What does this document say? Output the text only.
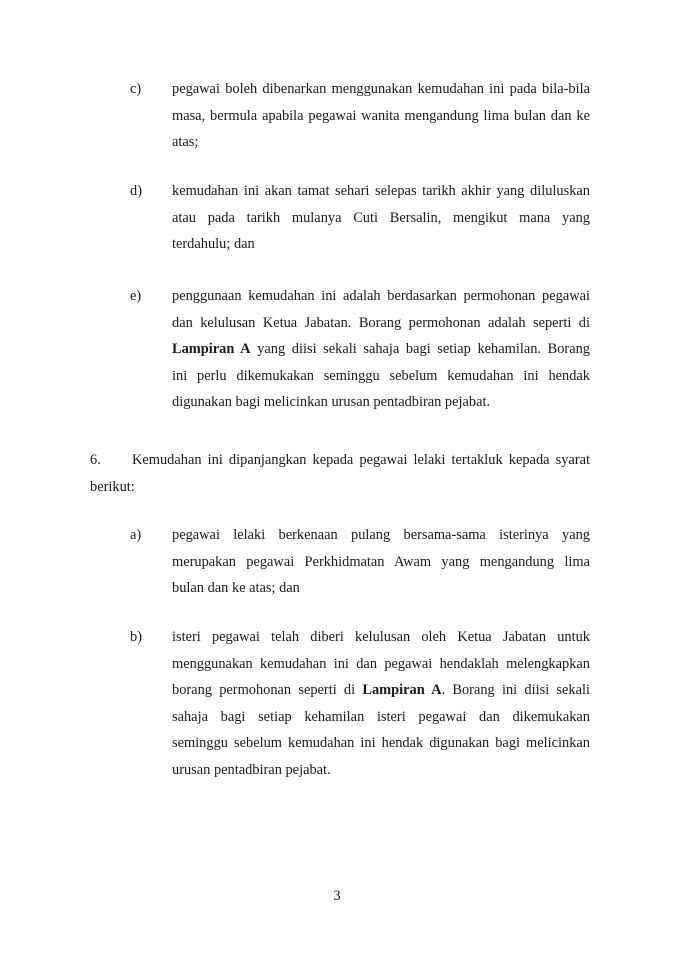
c) pegawai boleh dibenarkan menggunakan kemudahan ini pada bila-bila
masa, bermula apabila pegawai wanita mengandung lima bulan dan ke
atas;
d) kemudahan ini akan tamat sehari selepas tarikh akhir yang diluluskan
atau pada tarikh mulanya Cuti Bersalin, mengikut mana yang
terdahulu; dan
e) penggunaan kemudahan ini adalah berdasarkan permohonan pegawai
dan kelulusan Ketua Jabatan. Borang permohonan adalah seperti di
Lampiran A yang diisi sekali sahaja bagi setiap kehamilan. Borang
ini perlu dikemukakan seminggu sebelum kemudahan ini hendak
digunakan bagi melicinkan urusan pentadbiran pejabat.
6. Kemudahan ini dipanjangkan kepada pegawai lelaki tertakluk kepada syarat
berikut:
a) pegawai lelaki berkenaan pulang bersama-sama isterinya yang
merupakan pegawai Perkhidmatan Awam yang mengandung lima
bulan dan ke atas; dan
b) isteri pegawai telah diberi kelulusan oleh Ketua Jabatan untuk
menggunakan kemudahan ini dan pegawai hendaklah melengkapkan
borang permohonan seperti di Lampiran A. Borang ini diisi sekali
sahaja bagi setiap kehamilan isteri pegawai dan dikemukakan
seminggu sebelum kemudahan ini hendak digunakan bagi melicinkan
urusan pentadbiran pejabat.
3
